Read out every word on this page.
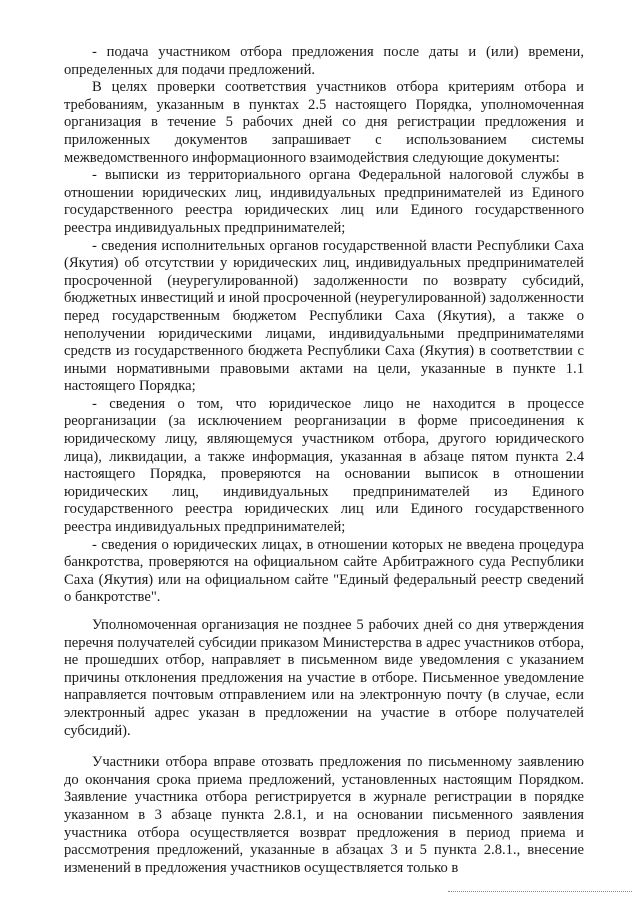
- подача участником отбора предложения после даты и (или) времени, определенных для подачи предложений.

В целях проверки соответствия участников отбора критериям отбора и требованиям, указанным в пунктах 2.5 настоящего Порядка, уполномоченная организация в течение 5 рабочих дней со дня регистрации предложения и приложенных документов запрашивает с использованием системы межведомственного информационного взаимодействия следующие документы:

- выписки из территориального органа Федеральной налоговой службы в отношении юридических лиц, индивидуальных предпринимателей из Единого государственного реестра юридических лиц или Единого государственного реестра индивидуальных предпринимателей;

- сведения исполнительных органов государственной власти Республики Саха (Якутия) об отсутствии у юридических лиц, индивидуальных предпринимателей просроченной (неурегулированной) задолженности по возврату субсидий, бюджетных инвестиций и иной просроченной (неурегулированной) задолженности перед государственным бюджетом Республики Саха (Якутия), а также о неполучении юридическими лицами, индивидуальными предпринимателями средств из государственного бюджета Республики Саха (Якутия) в соответствии с иными нормативными правовыми актами на цели, указанные в пункте 1.1 настоящего Порядка;

- сведения о том, что юридическое лицо не находится в процессе реорганизации (за исключением реорганизации в форме присоединения к юридическому лицу, являющемуся участником отбора, другого юридического лица), ликвидации, а также информация, указанная в абзаце пятом пункта 2.4 настоящего Порядка, проверяются на основании выписок в отношении юридических лиц, индивидуальных предпринимателей из Единого государственного реестра юридических лиц или Единого государственного реестра индивидуальных предпринимателей;

- сведения о юридических лицах, в отношении которых не введена процедура банкротства, проверяются на официальном сайте Арбитражного суда Республики Саха (Якутия) или на официальном сайте "Единый федеральный реестр сведений о банкротстве".

Уполномоченная организация не позднее 5 рабочих дней со дня утверждения перечня получателей субсидии приказом Министерства в адрес участников отбора, не прошедших отбор, направляет в письменном виде уведомления с указанием причины отклонения предложения на участие в отборе. Письменное уведомление направляется почтовым отправлением или на электронную почту (в случае, если электронный адрес указан в предложении на участие в отборе получателей субсидий).

Участники отбора вправе отозвать предложения по письменному заявлению до окончания срока приема предложений, установленных настоящим Порядком. Заявление участника отбора регистрируется в журнале регистрации в порядке указанном в 3 абзаце пункта 2.8.1, и на основании письменного заявления участника отбора осуществляется возврат предложения в период приема и рассмотрения предложений, указанные в абзацах 3 и 5 пункта 2.8.1., внесение изменений в предложения участников осуществляется только в
